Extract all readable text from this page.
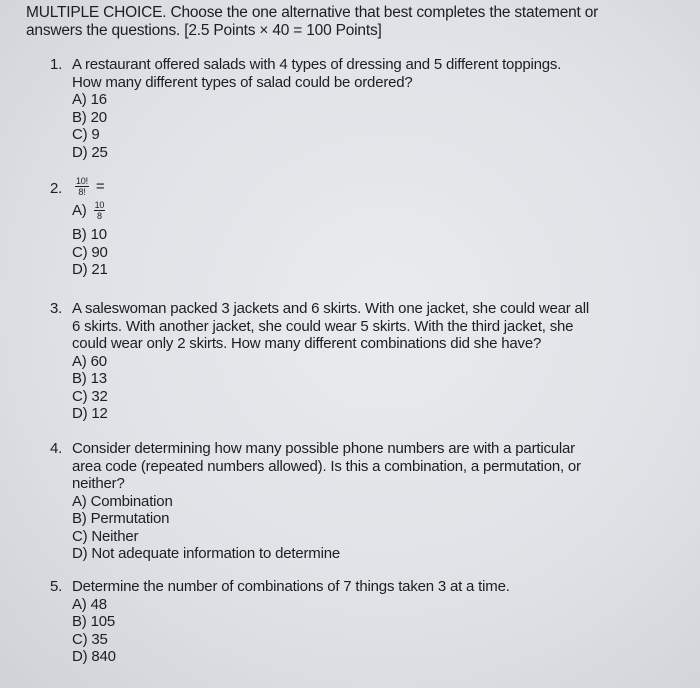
MULTIPLE CHOICE. Choose the one alternative that best completes the statement or
answers the questions. [2.5 Points × 40 = 100 Points]
1. A restaurant offered salads with 4 types of dressing and 5 different toppings.
How many different types of salad could be ordered?
A) 16
B) 20
C) 9
D) 25
2. $\frac{10!}{8!}$ =
$A) \frac{10}{8}$
B) 10
C) 90
D) 21
3. A saleswoman packed 3 jackets and 6 skirts. With one jacket, she could wear all
6 skirts. With another jacket, she could wear 5 skirts. With the third jacket, she
could wear only 2 skirts. How many different combinations did she have?
A) 60
B) 13
C) 32
D) 12
4. Consider determining how many possible phone numbers are with a particular
area code (repeated numbers allowed). Is this a combination, a permutation, or
neither?
A) Combination
B) Permutation
C) Neither
D) Not adequate information to determine
5. Determine the number of combinations of 7 things taken 3 at a time.
A) 48
B) 105
C) 35
D) 840
